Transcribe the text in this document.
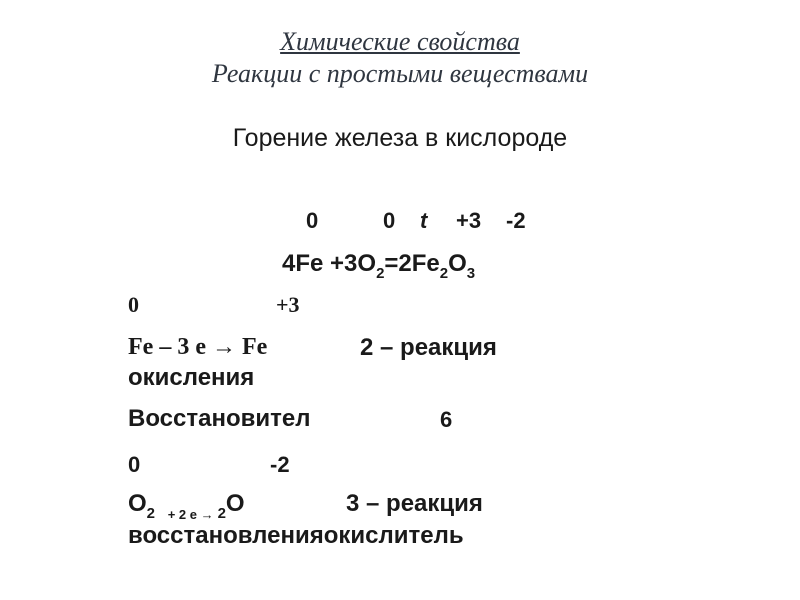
Химические свойства
Реакции с простыми веществами
Горение железа в кислороде
0	0 t +3 -2
$4Fe +3O_2=2Fe_2O_3$
0	+3
Fe – 3 e → Fe	2 – реакция
окисления
Восстановител	6
0	-2
$O_2$ $_{+ 2 е \to}$ $_2$O	3 – реакция
восстановленияокислитель
